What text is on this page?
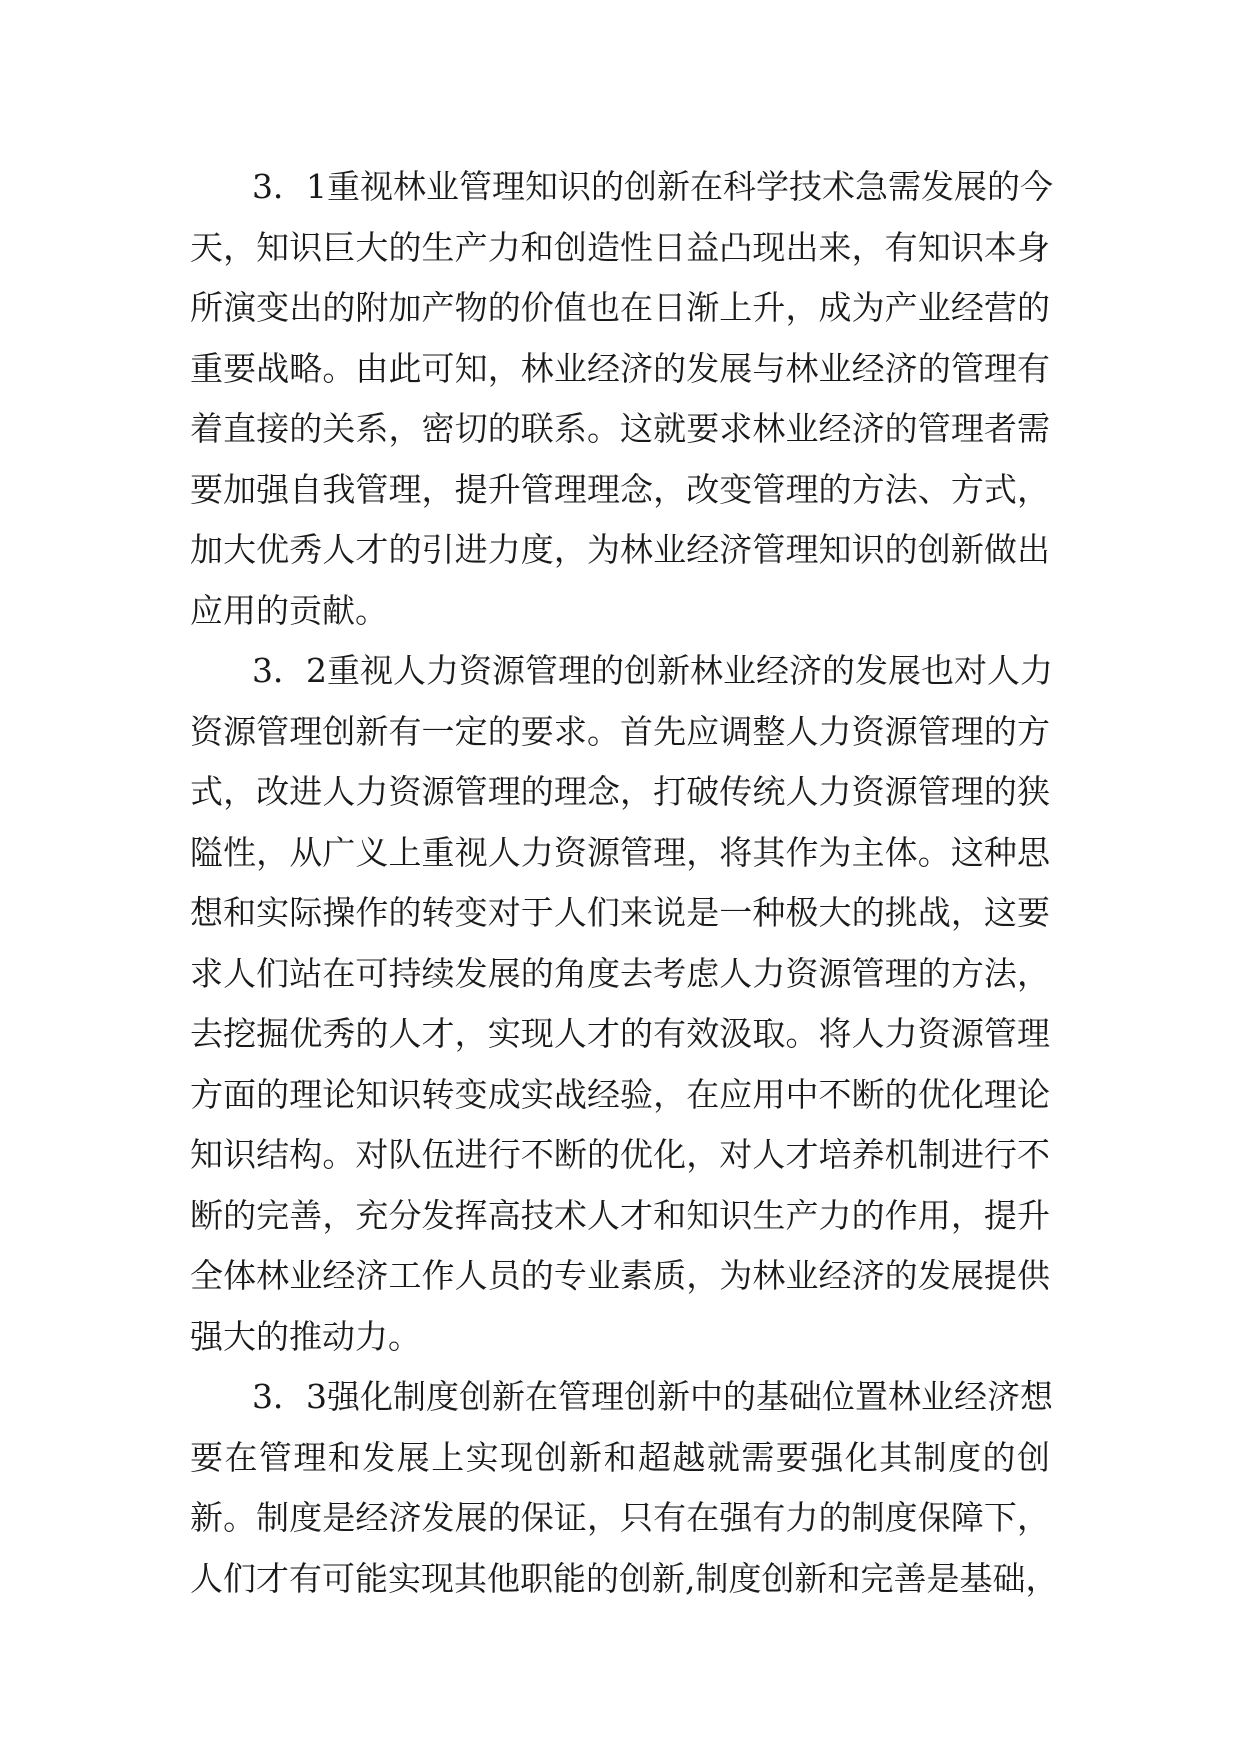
3．1重视林业管理知识的创新在科学技术急需发展的今
天，知识巨大的生产力和创造性日益凸现出来，有知识本身
所演变出的附加产物的价值也在日渐上升，成为产业经营的
重要战略。由此可知，林业经济的发展与林业经济的管理有
着直接的关系，密切的联系。这就要求林业经济的管理者需
要加强自我管理，提升管理理念，改变管理的方法、方式，
加大优秀人才的引进力度，为林业经济管理知识的创新做出
应用的贡献。
3．2重视人力资源管理的创新林业经济的发展也对人力
资源管理创新有一定的要求。首先应调整人力资源管理的方
式，改进人力资源管理的理念，打破传统人力资源管理的狭
隘性，从广义上重视人力资源管理，将其作为主体。这种思
想和实际操作的转变对于人们来说是一种极大的挑战，这要
求人们站在可持续发展的角度去考虑人力资源管理的方法，
去挖掘优秀的人才，实现人才的有效汲取。将人力资源管理
方面的理论知识转变成实战经验，在应用中不断的优化理论
知识结构。对队伍进行不断的优化，对人才培养机制进行不
断的完善，充分发挥高技术人才和知识生产力的作用，提升
全体林业经济工作人员的专业素质，为林业经济的发展提供
强大的推动力。
3．3强化制度创新在管理创新中的基础位置林业经济想
要在管理和发展上实现创新和超越就需要强化其制度的创
新。制度是经济发展的保证，只有在强有力的制度保障下，
人们才有可能实现其他职能的创新,制度创新和完善是基础，
